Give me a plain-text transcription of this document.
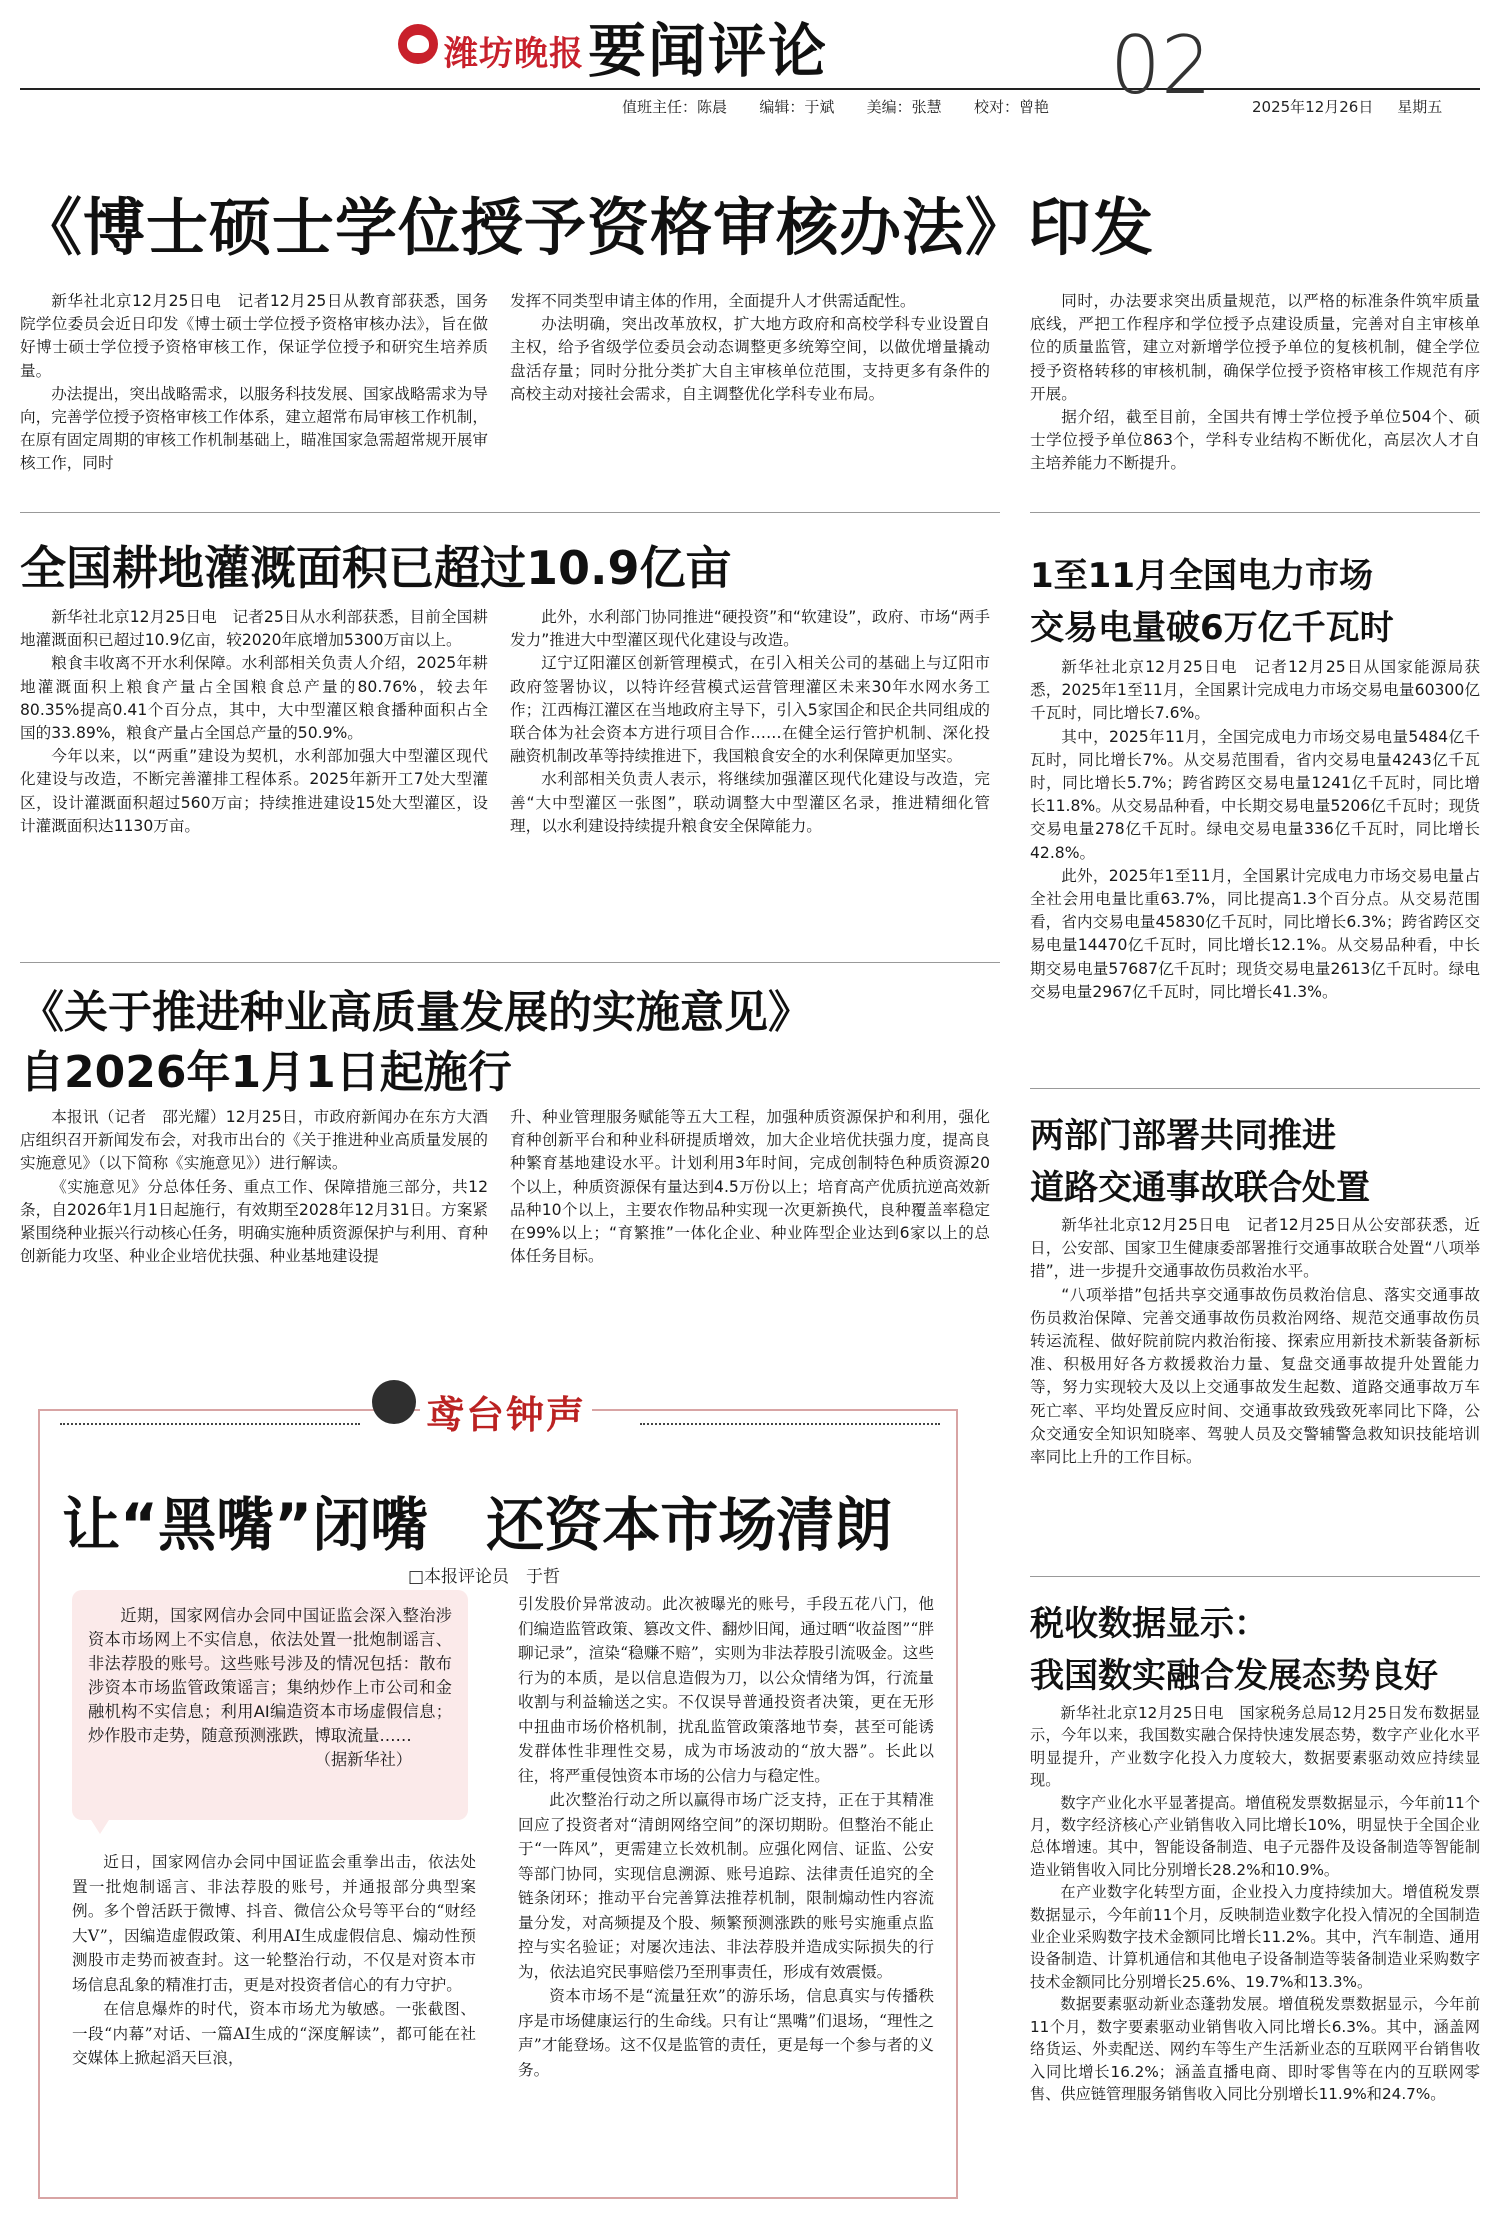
潍坊晚报 要闻评论
值班主任：陈晨 编辑：于斌 美编：张慧 校对：曾艳 02	2025年12月26日 星期五
《博士硕士学位授予资格审核办法》印发

新华社北京12月25日电　记者12月25日从教育部获悉，国务院学位委员会近日印发《博士硕士学位授予资格审核办法》，旨在做好博士硕士学位授予资格审核工作，保证学位授予和研究生培养质量。

办法提出，突出战略需求，以服务科技发展、国家战略需求为导向，完善学位授予资格审核工作体系，建立超常布局审核工作机制，在原有固定周期的审核工作机制基础上，瞄准国家急需超常规开展审核工作，同时

发挥不同类型申请主体的作用，全面提升人才供需适配性。

办法明确，突出改革放权，扩大地方政府和高校学科专业设置自主权，给予省级学位委员会动态调整更多统筹空间，以做优增量撬动盘活存量；同时分批分类扩大自主审核单位范围，支持更多有条件的高校主动对接社会需求，自主调整优化学科专业布局。

同时，办法要求突出质量规范，以严格的标准条件筑牢质量底线，严把工作程序和学位授予点建设质量，完善对自主审核单位的质量监管，建立对新增学位授予单位的复核机制，健全学位授予资格转移的审核机制，确保学位授予资格审核工作规范有序开展。

据介绍，截至目前，全国共有博士学位授予单位504个、硕士学位授予单位863个，学科专业结构不断优化，高层次人才自主培养能力不断提升。

全国耕地灌溉面积已超过10.9亿亩

新华社北京12月25日电　记者25日从水利部获悉，目前全国耕地灌溉面积已超过10.9亿亩，较2020年底增加5300万亩以上。

粮食丰收离不开水利保障。水利部相关负责人介绍，2025年耕地灌溉面积上粮食产量占全国粮食总产量的80.76%，较去年80.35%提高0.41个百分点，其中，大中型灌区粮食播种面积占全国的33.89%，粮食产量占全国总产量的50.9%。

今年以来，以“两重”建设为契机，水利部加强大中型灌区现代化建设与改造，不断完善灌排工程体系。2025年新开工7处大型灌区，设计灌溉面积超过560万亩；持续推进建设15处大型灌区，设计灌溉面积达1130万亩。

此外，水利部门协同推进“硬投资”和“软建设”，政府、市场“两手发力”推进大中型灌区现代化建设与改造。

辽宁辽阳灌区创新管理模式，在引入相关公司的基础上与辽阳市政府签署协议，以特许经营模式运营管理灌区未来30年水网水务工作；江西梅江灌区在当地政府主导下，引入5家国企和民企共同组成的联合体为社会资本方进行项目合作……在健全运行管护机制、深化投融资机制改革等持续推进下，我国粮食安全的水利保障更加坚实。

水利部相关负责人表示，将继续加强灌区现代化建设与改造，完善“大中型灌区一张图”，联动调整大中型灌区名录，推进精细化管理，以水利建设持续提升粮食安全保障能力。

《关于推进种业高质量发展的实施意见》
自2026年1月1日起施行

本报讯（记者　邵光耀）12月25日，市政府新闻办在东方大酒店组织召开新闻发布会，对我市出台的《关于推进种业高质量发展的实施意见》（以下简称《实施意见》）进行解读。

《实施意见》分总体任务、重点工作、保障措施三部分，共12条，自2026年1月1日起施行，有效期至2028年12月31日。方案紧紧围绕种业振兴行动核心任务，明确实施种质资源保护与利用、育种创新能力攻坚、种业企业培优扶强、种业基地建设提

升、种业管理服务赋能等五大工程，加强种质资源保护和利用，强化育种创新平台和种业科研提质增效，加大企业培优扶强力度，提高良种繁育基地建设水平。计划利用3年时间，完成创制特色种质资源20个以上，种质资源保有量达到4.5万份以上；培育高产优质抗逆高效新品种10个以上，主要农作物品种实现一次更新换代，良种覆盖率稳定在99%以上；“育繁推”一体化企业、种业阵型企业达到6家以上的总体任务目标。

鸢台钟声
让“黑嘴”闭嘴　还资本市场清朗
□本报评论员　于哲

近期，国家网信办会同中国证监会深入整治涉资本市场网上不实信息，依法处置一批炮制谣言、非法荐股的账号。这些账号涉及的情况包括：散布涉资本市场监管政策谣言；集纳炒作上市公司和金融机构不实信息；利用AI编造资本市场虚假信息；炒作股市走势，随意预测涨跌，博取流量……

（据新华社）

近日，国家网信办会同中国证监会重拳出击，依法处置一批炮制谣言、非法荐股的账号，并通报部分典型案例。多个曾活跃于微博、抖音、微信公众号等平台的“财经大V”，因编造虚假政策、利用AI生成虚假信息、煽动性预测股市走势而被查封。这一轮整治行动，不仅是对资本市场信息乱象的精准打击，更是对投资者信心的有力守护。

在信息爆炸的时代，资本市场尤为敏感。一张截图、一段“内幕”对话、一篇AI生成的“深度解读”，都可能在社交媒体上掀起滔天巨浪，

引发股价异常波动。此次被曝光的账号，手段五花八门，他们编造监管政策、篡改文件、翻炒旧闻，通过晒“收益图”“胖聊记录”，渲染“稳赚不赔”，实则为非法荐股引流吸金。这些行为的本质，是以信息造假为刀，以公众情绪为饵，行流量收割与利益输送之实。不仅误导普通投资者决策，更在无形中扭曲市场价格机制，扰乱监管政策落地节奏，甚至可能诱发群体性非理性交易，成为市场波动的“放大器”。长此以往，将严重侵蚀资本市场的公信力与稳定性。

此次整治行动之所以赢得市场广泛支持，正在于其精准回应了投资者对“清朗网络空间”的深切期盼。但整治不能止于“一阵风”，更需建立长效机制。应强化网信、证监、公安等部门协同，实现信息溯源、账号追踪、法律责任追究的全链条闭环；推动平台完善算法推荐机制，限制煽动性内容流量分发，对高频提及个股、频繁预测涨跌的账号实施重点监控与实名验证；对屡次违法、非法荐股并造成实际损失的行为，依法追究民事赔偿乃至刑事责任，形成有效震慑。

资本市场不是“流量狂欢”的游乐场，信息真实与传播秩序是市场健康运行的生命线。只有让“黑嘴”们退场，“理性之声”才能登场。这不仅是监管的责任，更是每一个参与者的义务。

1至11月全国电力市场
交易电量破6万亿千瓦时

新华社北京12月25日电　记者12月25日从国家能源局获悉，2025年1至11月，全国累计完成电力市场交易电量60300亿千瓦时，同比增长7.6%。

其中，2025年11月，全国完成电力市场交易电量5484亿千瓦时，同比增长7%。从交易范围看，省内交易电量4243亿千瓦时，同比增长5.7%；跨省跨区交易电量1241亿千瓦时，同比增长11.8%。从交易品种看，中长期交易电量5206亿千瓦时；现货交易电量278亿千瓦时。绿电交易电量336亿千瓦时，同比增长42.8%。

此外，2025年1至11月，全国累计完成电力市场交易电量占全社会用电量比重63.7%，同比提高1.3个百分点。从交易范围看，省内交易电量45830亿千瓦时，同比增长6.3%；跨省跨区交易电量14470亿千瓦时，同比增长12.1%。从交易品种看，中长期交易电量57687亿千瓦时；现货交易电量2613亿千瓦时。绿电交易电量2967亿千瓦时，同比增长41.3%。

两部门部署共同推进
道路交通事故联合处置

新华社北京12月25日电　记者12月25日从公安部获悉，近日，公安部、国家卫生健康委部署推行交通事故联合处置“八项举措”，进一步提升交通事故伤员救治水平。

“八项举措”包括共享交通事故伤员救治信息、落实交通事故伤员救治保障、完善交通事故伤员救治网络、规范交通事故伤员转运流程、做好院前院内救治衔接、探索应用新技术新装备新标准、积极用好各方救援救治力量、复盘交通事故提升处置能力等，努力实现较大及以上交通事故发生起数、道路交通事故万车死亡率、平均处置反应时间、交通事故致残致死率同比下降，公众交通安全知识知晓率、驾驶人员及交警辅警急救知识技能培训率同比上升的工作目标。

税收数据显示：
我国数实融合发展态势良好

新华社北京12月25日电　国家税务总局12月25日发布数据显示，今年以来，我国数实融合保持快速发展态势，数字产业化水平明显提升，产业数字化投入力度较大，数据要素驱动效应持续显现。

数字产业化水平显著提高。增值税发票数据显示，今年前11个月，数字经济核心产业销售收入同比增长10%，明显快于全国企业总体增速。其中，智能设备制造、电子元器件及设备制造等智能制造业销售收入同比分别增长28.2%和10.9%。

在产业数字化转型方面，企业投入力度持续加大。增值税发票数据显示，今年前11个月，反映制造业数字化投入情况的全国制造业企业采购数字技术金额同比增长11.2%。其中，汽车制造、通用设备制造、计算机通信和其他电子设备制造等装备制造业采购数字技术金额同比分别增长25.6%、19.7%和13.3%。

数据要素驱动新业态蓬勃发展。增值税发票数据显示，今年前11个月，数字要素驱动业销售收入同比增长6.3%。其中，涵盖网络货运、外卖配送、网约车等生产生活新业态的互联网平台销售收入同比增长16.2%；涵盖直播电商、即时零售等在内的互联网零售、供应链管理服务销售收入同比分别增长11.9%和24.7%。
